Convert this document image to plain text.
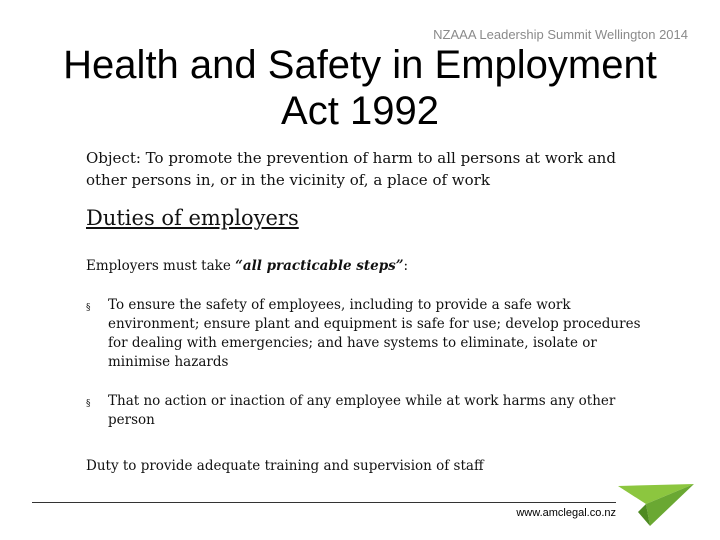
NZAAA Leadership Summit Wellington 2014
Health and Safety in Employment
Act 1992
Object: To promote the prevention of harm to all persons at work and other persons in, or in the vicinity of, a place of work
Duties of employers
Employers must take “all practicable steps”:
§	To ensure the safety of employees, including to provide a safe work environment; ensure plant and equipment is safe for use; develop procedures for dealing with emergencies; and have systems to eliminate, isolate or minimise hazards
§	That no action or inaction of any employee while at work harms any other person
Duty to provide adequate training and supervision of staff
www.amclegal.co.nz
